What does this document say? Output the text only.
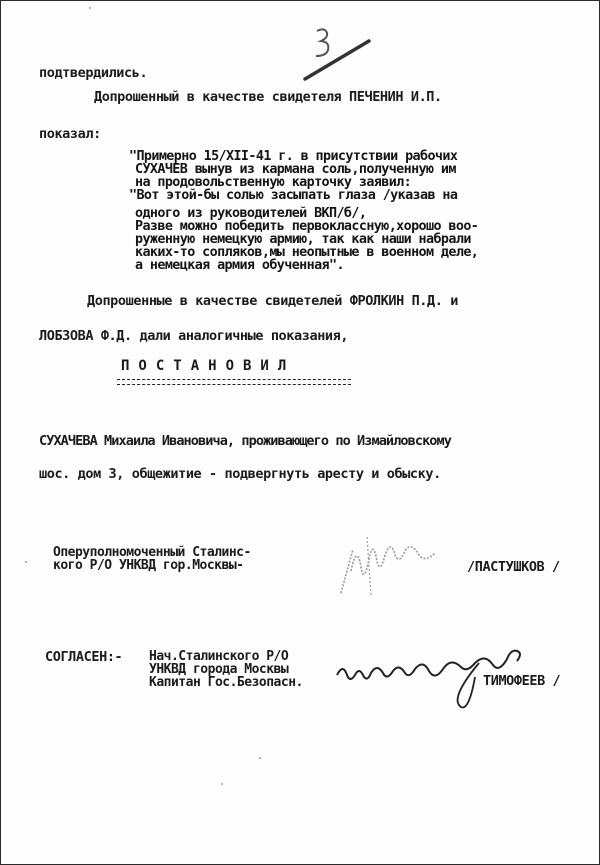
подтвердились.
Допрошенный в качестве свидетеля ПЕЧЕНИН И.П.
показал:
"Примерно 15/XII-41 г. в присутствии рабочих
СУХАЧЕВ вынув из кармана соль,полученную им
на продовольственную карточку заявил:
"Вот этой-бы солью засыпать глаза /указав на
одного из руководителей ВКП/б/,
Разве можно победить первоклассную,хорошо воо-
руженную немецкую армию, так как наши набрали
каких-то сопляков,мы неопытные в военном деле,
а немецкая армия обученная".
Допрошенные в качестве свидетелей ФРОЛКИН П.Д. и
ЛОБЗОВА Ф.Д. дали аналогичные показания,
ПОСТАНОВИЛ
СУХАЧЕВА Михаила Ивановича, проживающего по Измайловскому
шос. дом 3, общежитие - подвергнуть аресту и обыску.
Оперуполномоченный Сталинс-
кого Р/О УНКВД гор.Москвы-	/ПАСТУШКОВ /
СОГЛАСЕН:- Нач.Сталинского Р/О
УНКВД города Москвы
Капитан Гос.Безопасн.	ТИМОФЕЕВ /
